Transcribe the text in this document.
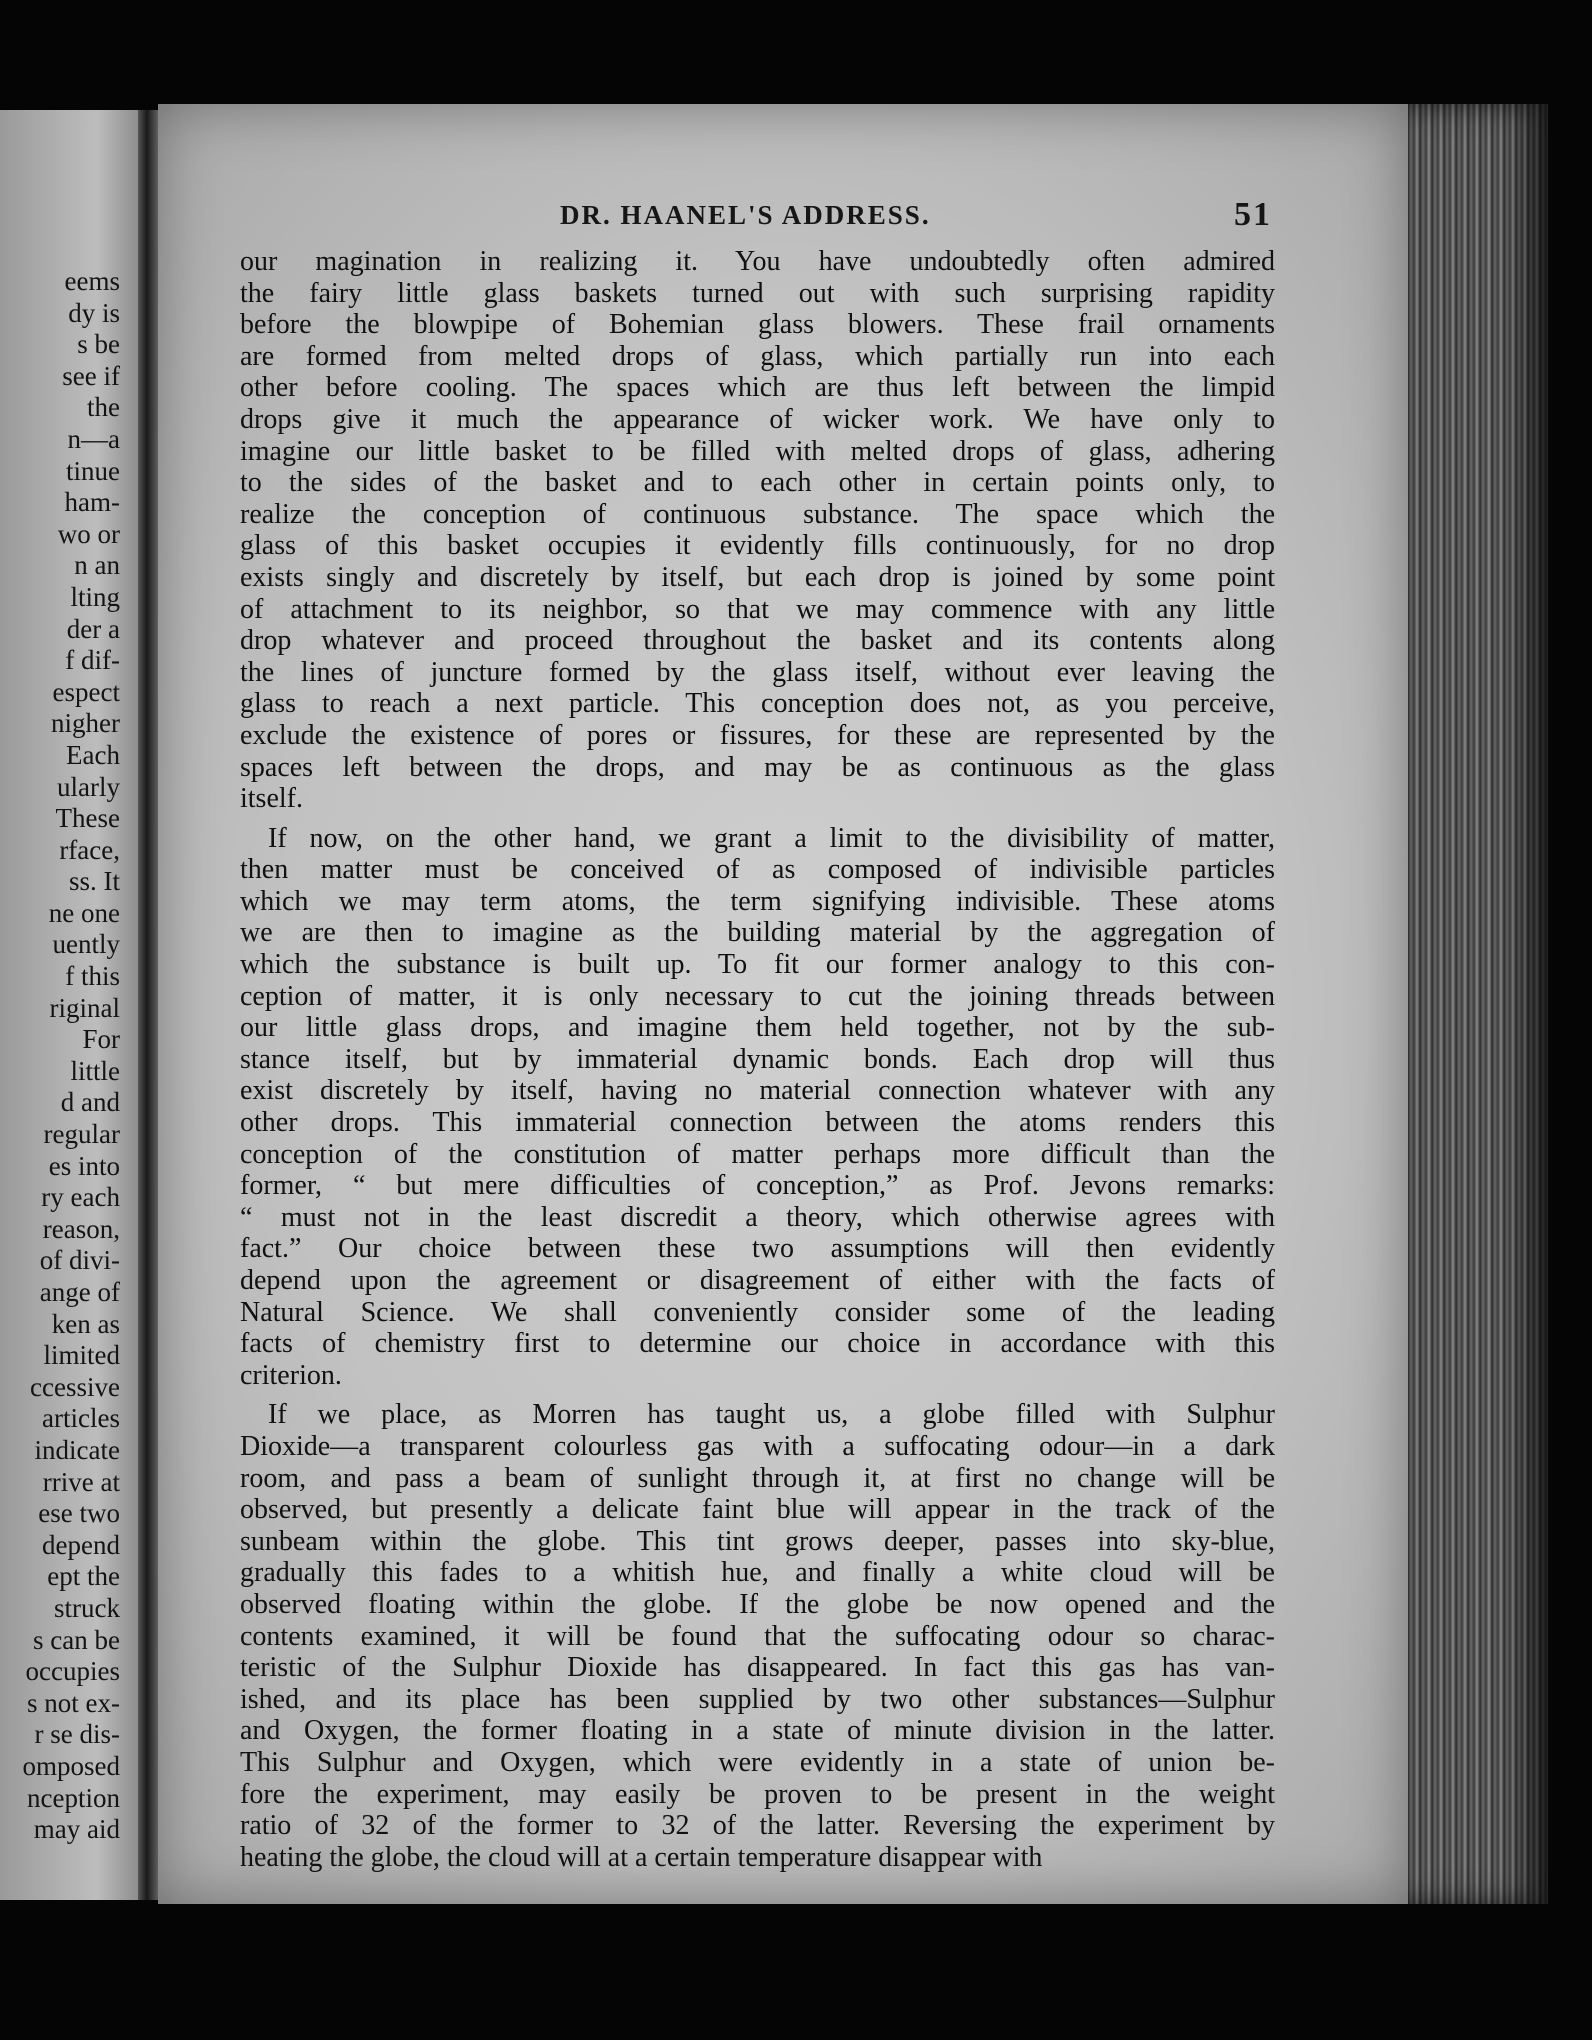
eems
dy is
s be
see if
the
n—a
tinue
ham-
wo or
n an
lting
der a
f dif-
espect
nigher
Each
ularly
These
rface,
ss. It
ne one
uently
f this
riginal
For
little
d and
regular
es into
ry each
reason,
of divi-
ange of
ken as
limited
ccessive
articles
indicate
rrive at
ese two
depend
ept the
struck
s can be
occupies
s not ex-
r se dis-
omposed
nception
may aid
DR. HAANEL'S ADDRESS.	51
our magination in realizing it. You have undoubtedly often admired
the fairy little glass baskets turned out with such surprising rapidity
before the blowpipe of Bohemian glass blowers. These frail ornaments
are formed from melted drops of glass, which partially run into each
other before cooling. The spaces which are thus left between the limpid
drops give it much the appearance of wicker work. We have only to
imagine our little basket to be filled with melted drops of glass, adhering
to the sides of the basket and to each other in certain points only, to
realize the conception of continuous substance. The space which the
glass of this basket occupies it evidently fills continuously, for no drop
exists singly and discretely by itself, but each drop is joined by some point
of attachment to its neighbor, so that we may commence with any little
drop whatever and proceed throughout the basket and its contents along
the lines of juncture formed by the glass itself, without ever leaving the
glass to reach a next particle. This conception does not, as you perceive,
exclude the existence of pores or fissures, for these are represented by the
spaces left between the drops, and may be as continuous as the glass
itself.
If now, on the other hand, we grant a limit to the divisibility of matter,
then matter must be conceived of as composed of indivisible particles
which we may term atoms, the term signifying indivisible. These atoms
we are then to imagine as the building material by the aggregation of
which the substance is built up. To fit our former analogy to this con-
ception of matter, it is only necessary to cut the joining threads between
our little glass drops, and imagine them held together, not by the sub-
stance itself, but by immaterial dynamic bonds. Each drop will thus
exist discretely by itself, having no material connection whatever with any
other drops. This immaterial connection between the atoms renders this
conception of the constitution of matter perhaps more difficult than the
former, “ but mere difficulties of conception,” as Prof. Jevons remarks:
“ must not in the least discredit a theory, which otherwise agrees with
fact.” Our choice between these two assumptions will then evidently
depend upon the agreement or disagreement of either with the facts of
Natural Science. We shall conveniently consider some of the leading
facts of chemistry first to determine our choice in accordance with this
criterion.
If we place, as Morren has taught us, a globe filled with Sulphur
Dioxide—a transparent colourless gas with a suffocating odour—in a dark
room, and pass a beam of sunlight through it, at first no change will be
observed, but presently a delicate faint blue will appear in the track of the
sunbeam within the globe. This tint grows deeper, passes into sky-blue,
gradually this fades to a whitish hue, and finally a white cloud will be
observed floating within the globe. If the globe be now opened and the
contents examined, it will be found that the suffocating odour so charac-
teristic of the Sulphur Dioxide has disappeared. In fact this gas has van-
ished, and its place has been supplied by two other substances—Sulphur
and Oxygen, the former floating in a state of minute division in the latter.
This Sulphur and Oxygen, which were evidently in a state of union be-
fore the experiment, may easily be proven to be present in the weight
ratio of 32 of the former to 32 of the latter. Reversing the experiment by
heating the globe, the cloud will at a certain temperature disappear with
